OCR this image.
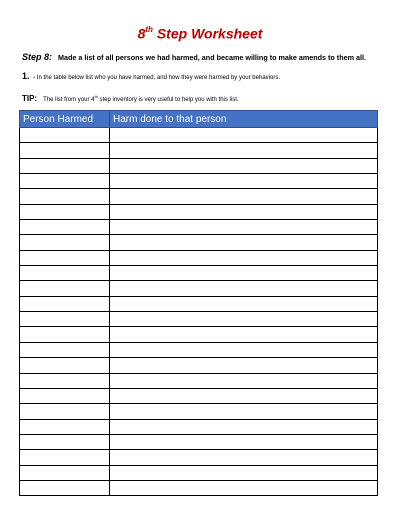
8th Step Worksheet
Step 8: Made a list of all persons we had harmed, and became willing to make amends to them all.
1. - In the table below list who you have harmed, and how they were harmed by your behaviors.
TIP: The list from your 4th step inventory is very useful to help you with this list.
Person Harmed	Harm done to that person
